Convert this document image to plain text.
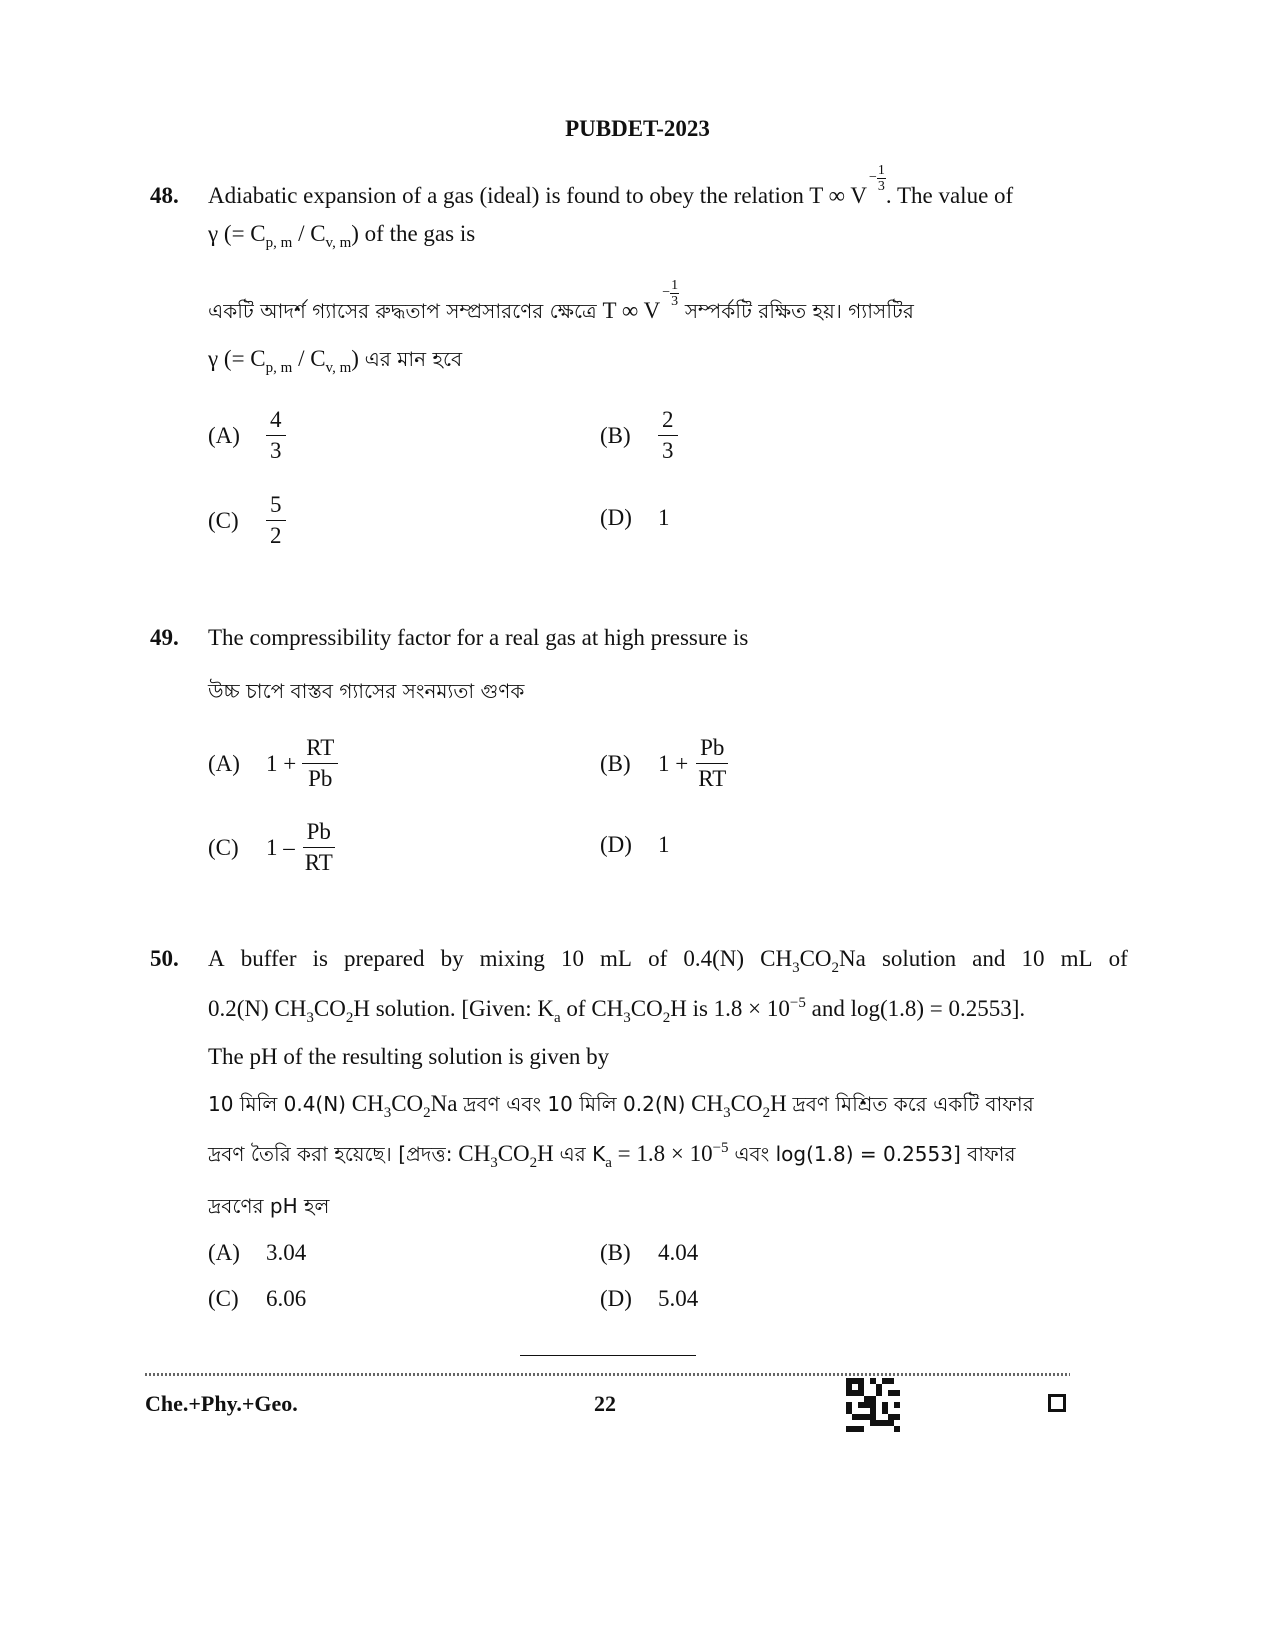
PUBDET-2023
48. Adiabatic expansion of a gas (ideal) is found to obey the relation T ∞ V
− $\frac{1}{3}$
. The value of
γ (= $C_{p, m} / C_{v, m}$) of the gas is
একটি আদর্শ গ্যাসের রুদ্ধতাপ সম্প্রসারণের ক্ষেত্রে T ∞ V
− $\frac{1}{3}$
সম্পর্কটি রক্ষিত হয়। গ্যাসটির
γ (= $C_{p, m} / C_{v, m}$) এর মান হবে
(A)	$\frac{4}{3}$	(B)	$\frac{2}{3}$
(C)	$\frac{5}{2}$	(D)	1
49. The compressibility factor for a real gas at high pressure is
উচ্চ চাপে বাস্তব গ্যাসের সংনম্যতা গুণক
(A)	$1 + \frac{RT}{Pb}$	(B)	$1 + \frac{Pb}{RT}$
(C)	$1 - \frac{Pb}{RT}$	(D)	1
50. A buffer is prepared by mixing 10 mL of 0.4(N) $CH_3CO_2Na$ solution and 10 mL of
0.2(N) $CH_3CO_2H$ solution. [Given: $K_a$ of $CH_3CO_2H$ is $1.8 \times 10^{-5}$ and log(1.8) = 0.2553].
The pH of the resulting solution is given by
10 মিলি 0.4(N) $CH_3CO_2Na$ দ্রবণ এবং 10 মিলি 0.2(N) $CH_3CO_2H$ দ্রবণ মিশ্রিত করে একটি বাফার
দ্রবণ তৈরি করা হয়েছে। [প্রদত্ত: $CH_3CO_2H$ এর $K_a = 1.8 \times 10^{-5}$ এবং log(1.8) = 0.2553] বাফার
দ্রবণের pH হল
(A)	3.04	(B)	4.04
(C)	6.06	(D)	5.04
Che.+Phy.+Geo.	22
